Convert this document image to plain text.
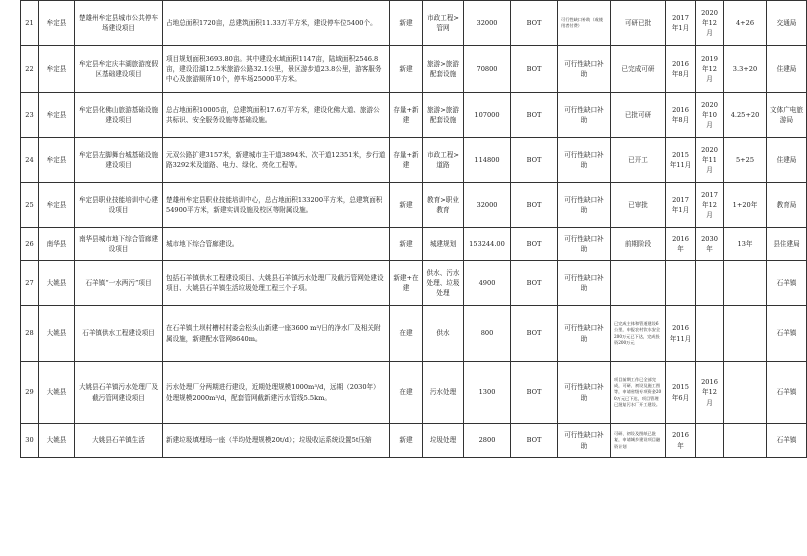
21	牟定县	楚雄州牟定县城市公共停车场建设项目	占地总面积1720亩，总建筑面积11.33万平方米，建设停车位5400个。	新建	市政工程>管网	32000	BOT	可行性缺口补助（或使用者付费）	可研已批	2017年1月	2020年12月	4+26	交通局
22	牟定县	牟定县牟定庆丰湖旅游度假区基础建设项目	项目规划面积3693.80亩。其中建设水域面积1147亩，陆域面积2546.8亩，建设沿湖12.5米旅游公路32.1公里，景区游步道23.8公里，游客服务中心及旅游厕所10个，停车场25000平方米。	新建	旅游>旅游配套设施	70800	BOT	可行性缺口补助	已完成可研	2016年8月	2019年12月	3.3+20	住建局
23	牟定县	牟定县化佛山旅游基础设施建设项目	总占地面积10005亩，总建筑面积17.6万平方米，建设化佛大道、旅游公共标识、安全服务设施等基础设施。	存量+新建	旅游>旅游配套设施	107000	BOT	可行性缺口补助	已批可研	2016年8月	2020年10月	4.25+20	文体广电旅游局
24	牟定县	牟定县左脚舞台城基础设施建设项目	元双公路扩建3157米，新建城市主干道3894米、次干道12351米，步行道路3292米及道路、电力、绿化、亮化工程等。	存量+新建	市政工程>道路	114800	BOT	可行性缺口补助	已开工	2015年11月	2020年11月	5+25	住建局
25	牟定县	牟定县职业技能培训中心建设项目	楚雄州牟定县职业技能培训中心，总占地面积133200平方米，总建筑面积54900平方米，新建实训设施及校区等附属设施。	新建	教育>职业教育	32000	BOT	可行性缺口补助	已审批	2017年1月	2017年12月	1+20年	教育局
26	南华县	南华县城市地下综合管廊建设项目	城市地下综合管廊建设。	新建	城建规划	153244.00	BOT	可行性缺口补助	前期阶段	2016年	2030年	13年	县住建局
27	大姚县	石羊镇“一水两污”项目	包括石羊镇供水工程建设项目、大姚县石羊镇污水处理厂及截污管网处建设项目、大姚县石羊镇生活垃圾处理工程三个子项。	新建+在建	供水、污水处理、垃圾处理	4900	BOT	可行性缺口补助					石羊镇
28	大姚县	石羊镇供水工程建设项目	在石羊镇土坝村槽村村委会松头山新建一座3600 m³/日的净水厂及相关附属设施，新建配水管网8640m。	在建	供水	800	BOT	可行性缺口补助	已完成主体和管道建设6公里，申报农村饮水安全200万元已下达，完成投资200万元	2016年11月			石羊镇
29	大姚县	大姚县石羊镇污水处理厂及截污管网建设项目	污水处理厂分两期进行建设，近期处理规模1000m³/d，远期（2030年）处理规模2000m³/d，配套管网截新建污水管线5.5km。	在建	污水处理	1300	BOT	可行性缺口补助	项目前期工作已全部完成，可研、初设及施工图等，申请省级专项资金200万元已下达，项目管理已批复污水厂开工建设。	2015年6月	2016年12月		石羊镇
30	大姚县	大姚县石羊镇生活	新建垃圾填埋场一座（半均处理规模20t/d）；垃圾收运系统设置5t压缩	新建	垃圾处理	2800	BOT	可行性缺口补助	可研、初设及图纸已批复，申请城乡建设项目融资计划	2016年			石羊镇
